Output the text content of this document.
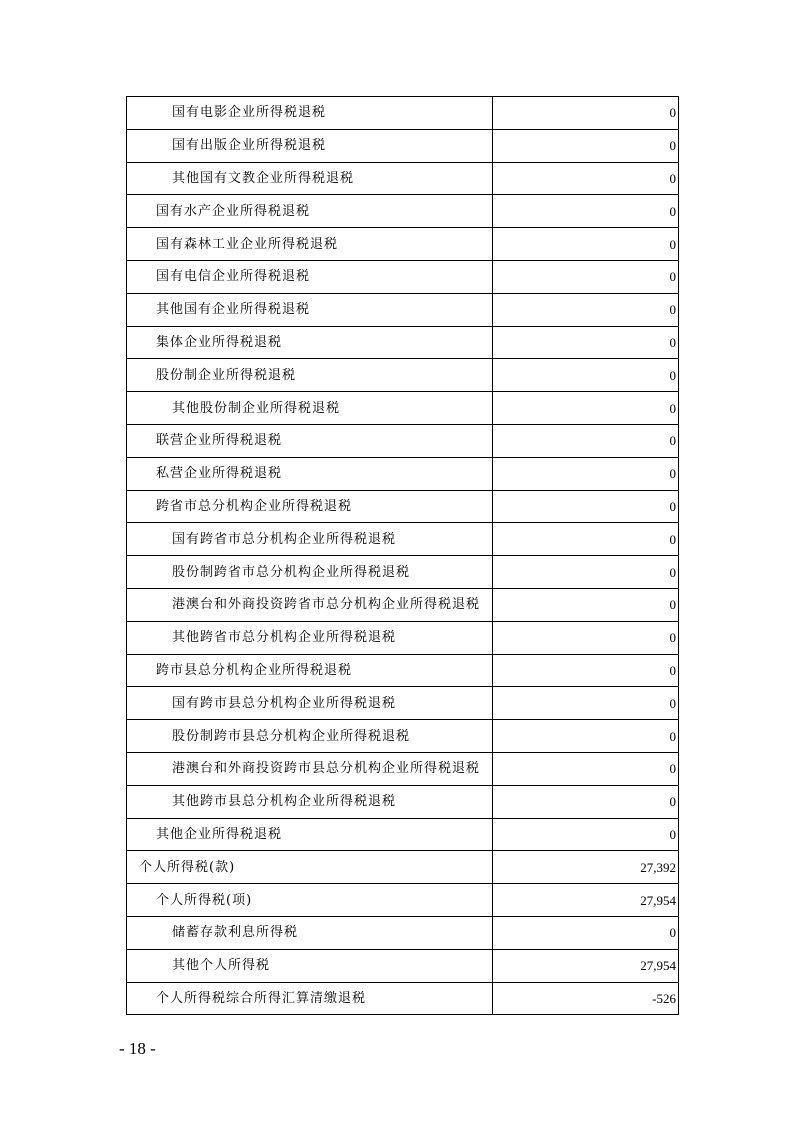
国有电影企业所得税退税	0
国有出版企业所得税退税	0
其他国有文教企业所得税退税	0
国有水产企业所得税退税	0
国有森林工业企业所得税退税	0
国有电信企业所得税退税	0
其他国有企业所得税退税	0
集体企业所得税退税	0
股份制企业所得税退税	0
其他股份制企业所得税退税	0
联营企业所得税退税	0
私营企业所得税退税	0
跨省市总分机构企业所得税退税	0
国有跨省市总分机构企业所得税退税	0
股份制跨省市总分机构企业所得税退税	0
港澳台和外商投资跨省市总分机构企业所得税退税	0
其他跨省市总分机构企业所得税退税	0
跨市县总分机构企业所得税退税	0
国有跨市县总分机构企业所得税退税	0
股份制跨市县总分机构企业所得税退税	0
港澳台和外商投资跨市县总分机构企业所得税退税	0
其他跨市县总分机构企业所得税退税	0
其他企业所得税退税	0
个人所得税(款)	27,392
个人所得税(项)	27,954
储蓄存款利息所得税	0
其他个人所得税	27,954
个人所得税综合所得汇算清缴退税	-526
- 18 -
